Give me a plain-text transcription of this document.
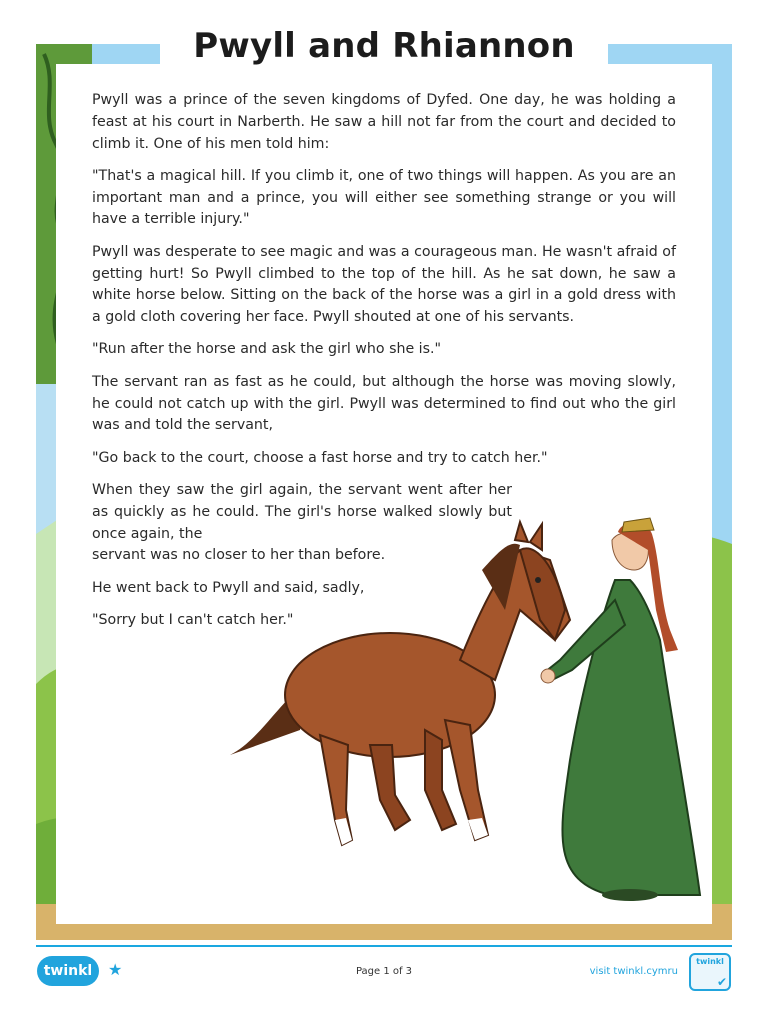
Pwyll and Rhiannon

Pwyll was a prince of the seven kingdoms of Dyfed. One day, he was holding a feast at his court in Narberth. He saw a hill not far from the court and decided to climb it. One of his men told him:

"That's a magical hill. If you climb it, one of two things will happen. As you are an important man and a prince, you will either see something strange or you will have a terrible injury."

Pwyll was desperate to see magic and was a courageous man. He wasn't afraid of getting hurt! So Pwyll climbed to the top of the hill. As he sat down, he saw a white horse below. Sitting on the back of the horse was a girl in a gold dress with a gold cloth covering her face. Pwyll shouted at one of his servants.

"Run after the horse and ask the girl who she is."

The servant ran as fast as he could, but although the horse was moving slowly, he could not catch up with the girl. Pwyll was determined to find out who the girl was and told the servant,

"Go back to the court, choose a fast horse and try to catch her."

When they saw the girl again, the servant went after her as quickly as he could. The girl's horse walked slowly but once again, the

servant was no closer to her than before.

He went back to Pwyll and said, sadly,

"Sorry but I can't catch her."

twinkl ★	Page 1 of 3	visit twinkl.cymru
twinkl
✔
